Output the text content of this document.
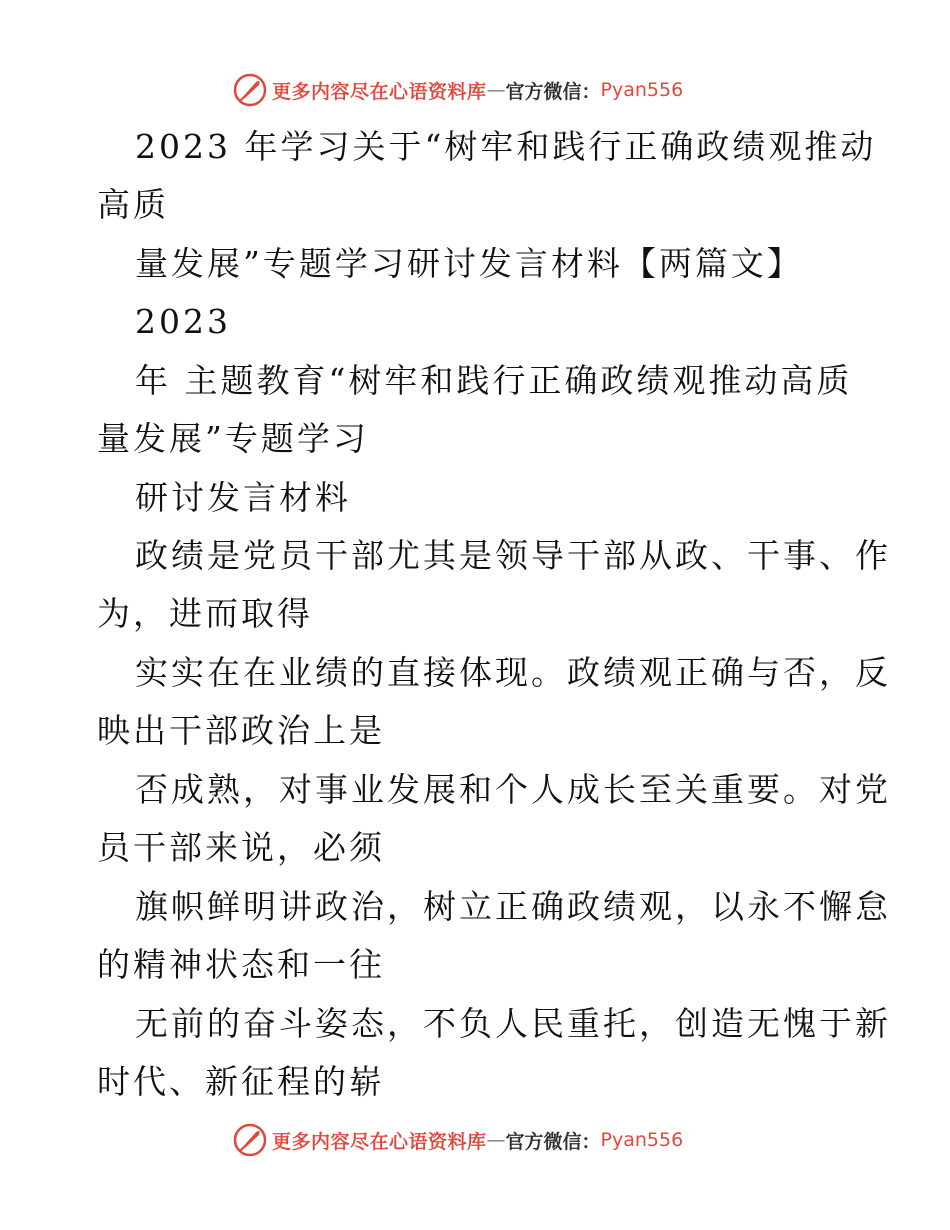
更多内容尽在心语资料库 — 官方微信： Pyan556
2023 年学习关于“树牢和践行正确政绩观推动
高质
量发展”专题学习研讨发言材料【两篇文】
2023
年 主题教育“树牢和践行正确政绩观推动高质
量发展”专题学习
研讨发言材料
政绩是党员干部尤其是领导干部从政、干事、作
为，进而取得
实实在在业绩的直接体现。政绩观正确与否，反
映出干部政治上是
否成熟，对事业发展和个人成长至关重要。对党
员干部来说，必须
旗帜鲜明讲政治，树立正确政绩观，以永不懈怠
的精神状态和一往
无前的奋斗姿态，不负人民重托，创造无愧于新
时代、新征程的崭
更多内容尽在心语资料库 — 官方微信： Pyan556
